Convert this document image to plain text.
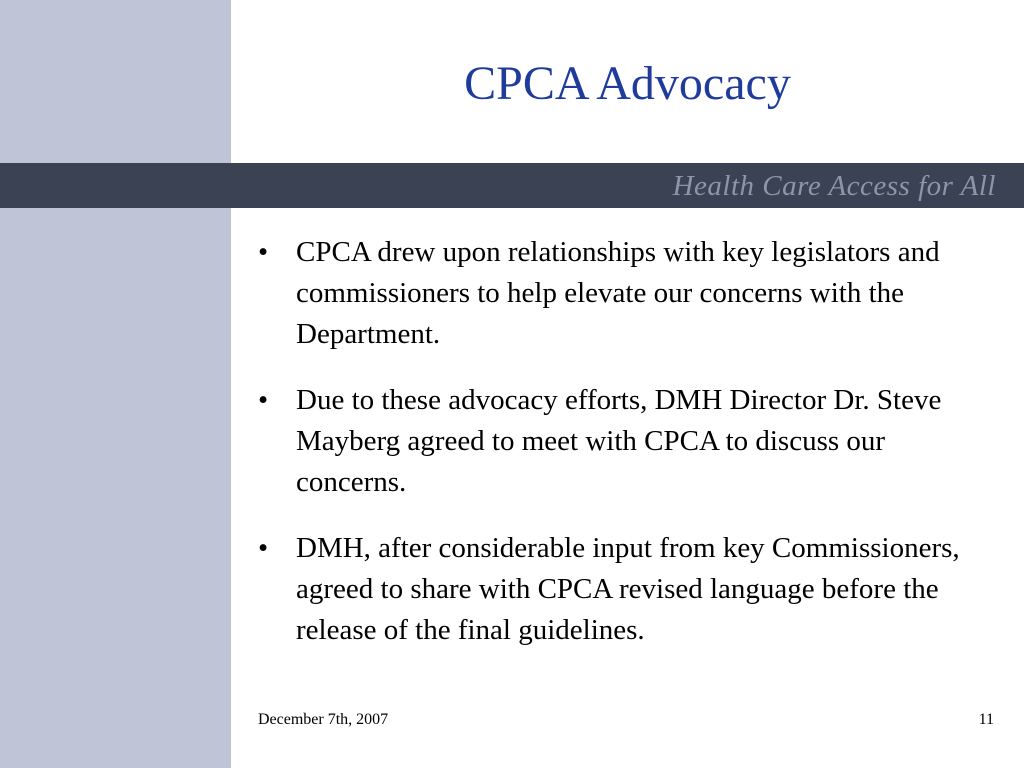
CPCA Advocacy
Health Care Access for All
• CPCA drew upon relationships with key legislators and commissioners to help elevate our concerns with the Department.
• Due to these advocacy efforts, DMH Director Dr. Steve Mayberg agreed to meet with CPCA to discuss our concerns.
• DMH, after considerable input from key Commissioners, agreed to share with CPCA revised language before the release of the final guidelines.
December 7th, 2007	11
